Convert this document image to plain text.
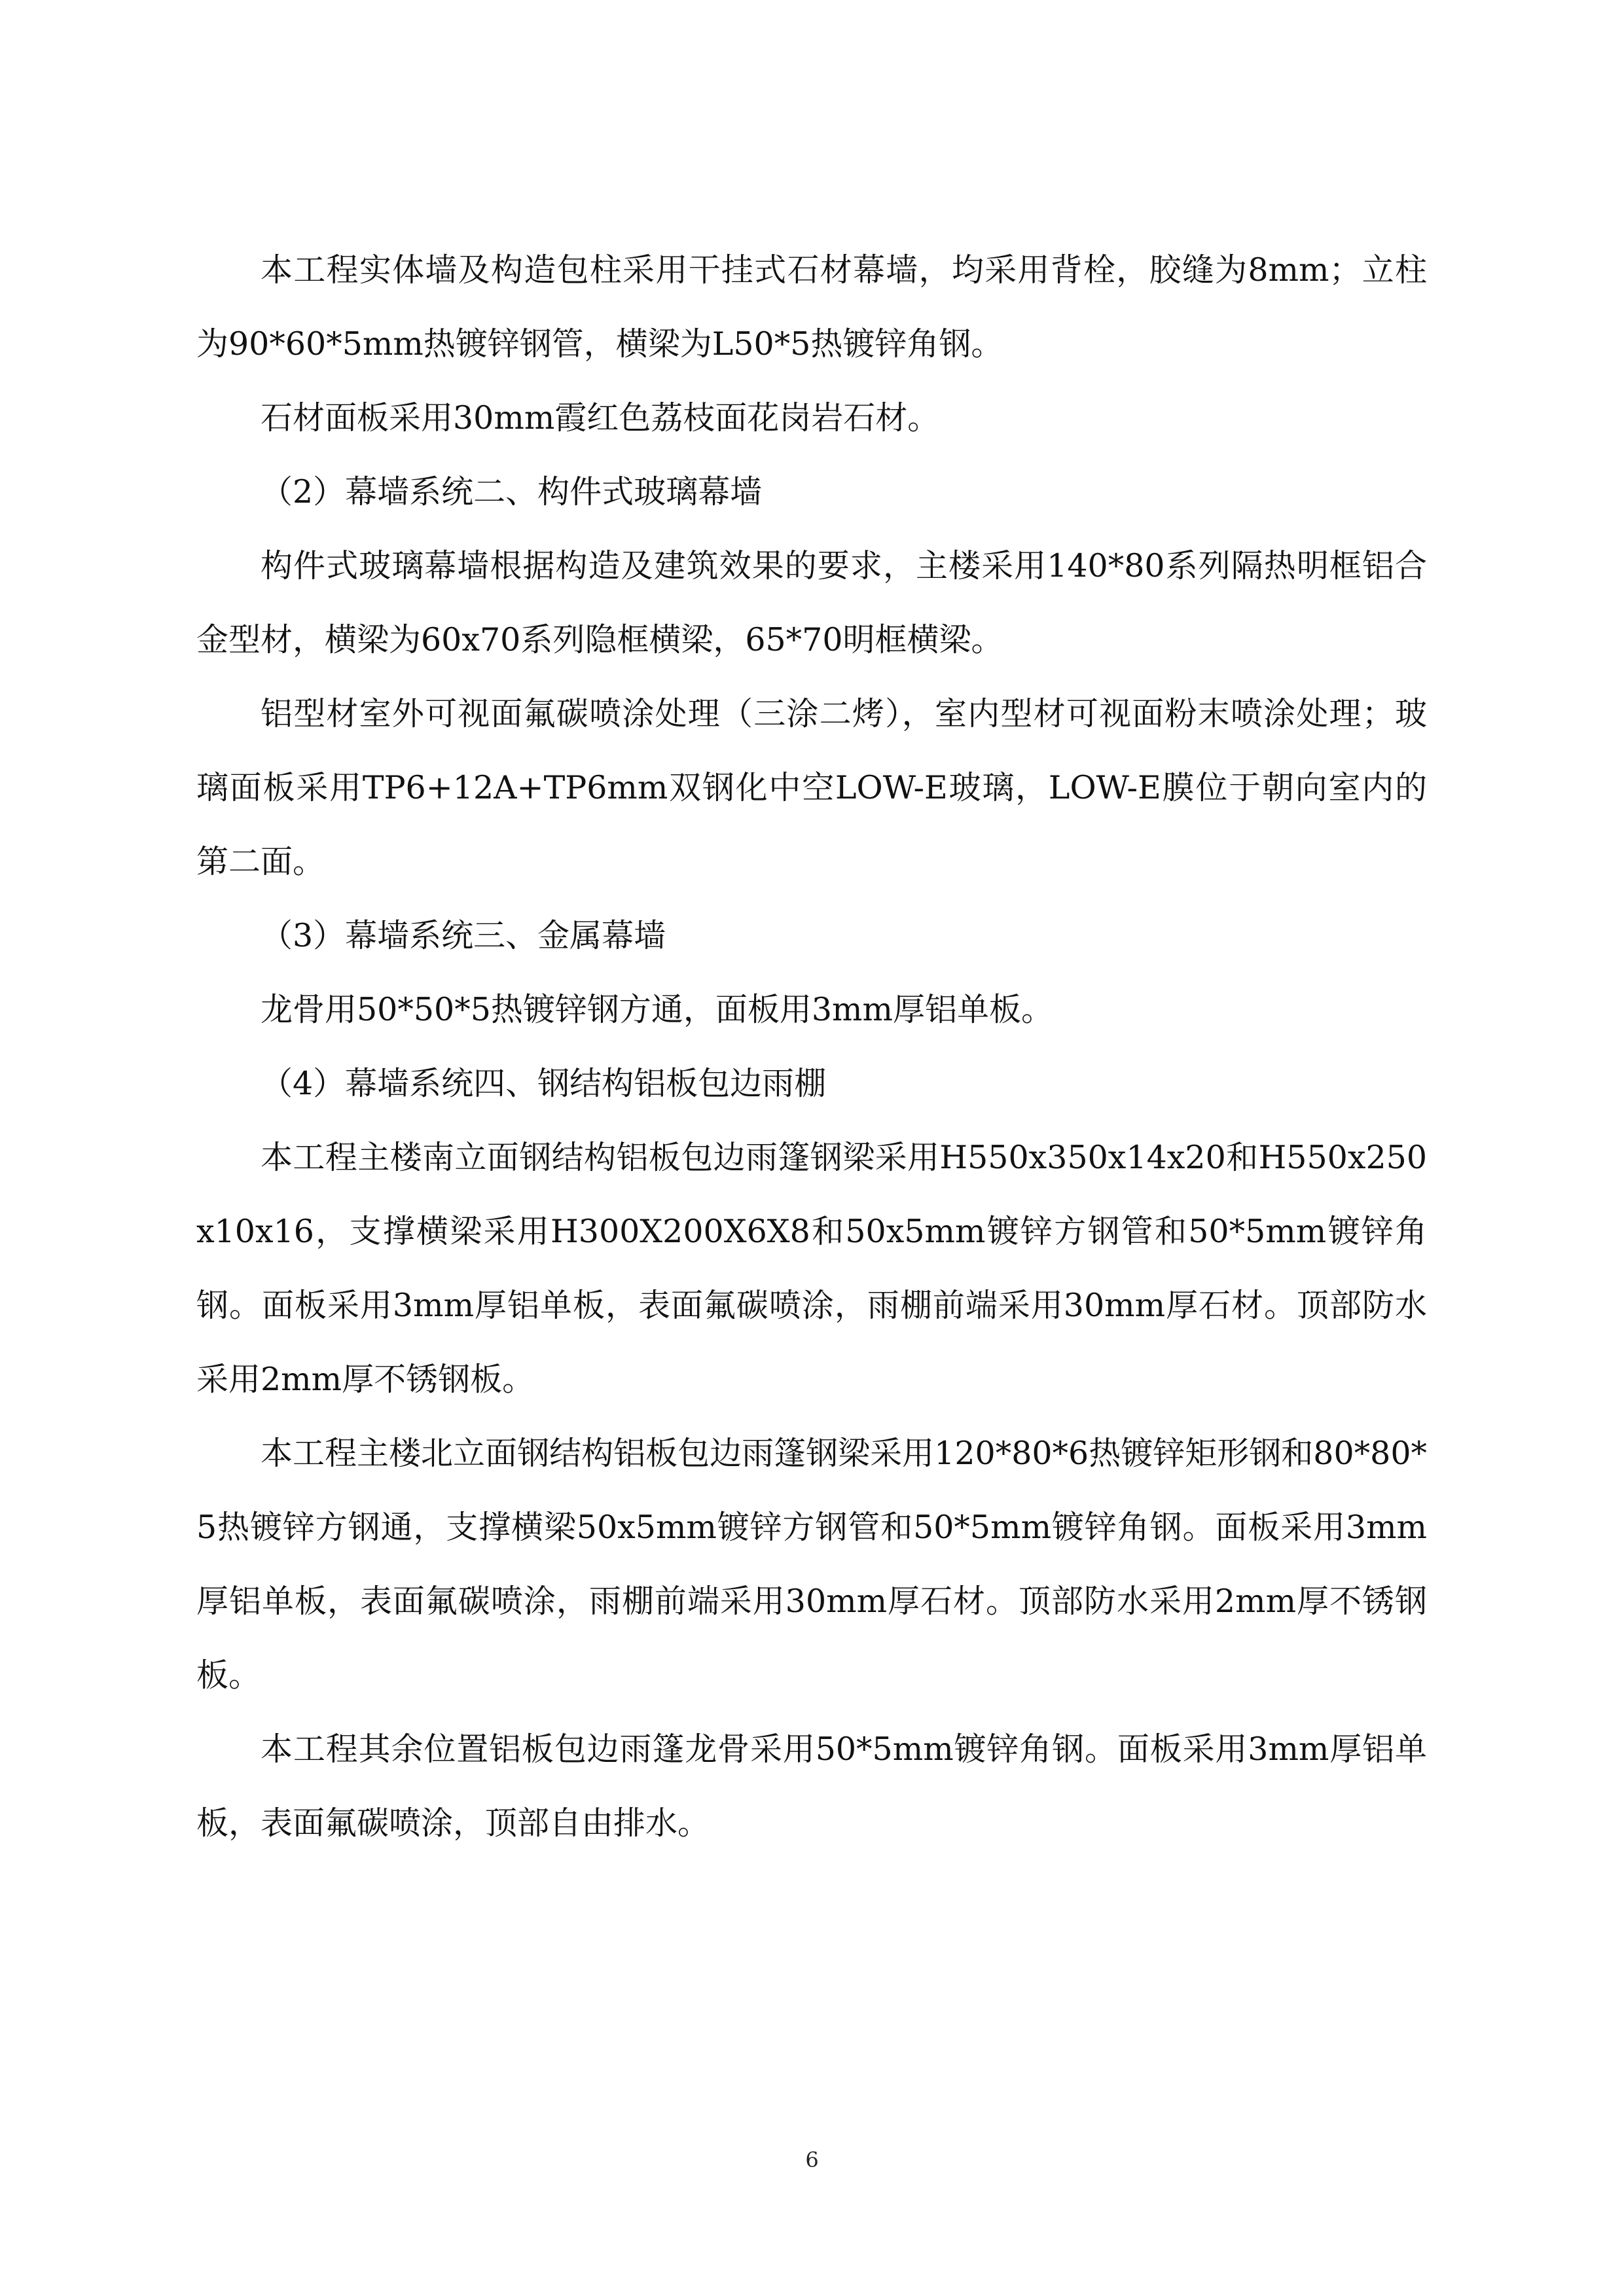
本工程实体墙及构造包柱采用干挂式石材幕墙，均采用背栓，胶缝为8mm；立柱为90*60*5mm热镀锌钢管，横梁为L50*5热镀锌角钢。

石材面板采用30mm霞红色荔枝面花岗岩石材。

（2）幕墙系统二、构件式玻璃幕墙

构件式玻璃幕墙根据构造及建筑效果的要求，主楼采用140*80系列隔热明框铝合金型材，横梁为60x70系列隐框横梁，65*70明框横梁。

铝型材室外可视面氟碳喷涂处理（三涂二烤），室内型材可视面粉末喷涂处理；玻璃面板采用TP6+12A+TP6mm双钢化中空LOW-E玻璃，LOW-E膜位于朝向室内的第二面。

（3）幕墙系统三、金属幕墙

龙骨用50*50*5热镀锌钢方通，面板用3mm厚铝单板。

（4）幕墙系统四、钢结构铝板包边雨棚

本工程主楼南立面钢结构铝板包边雨篷钢梁采用H550x350x14x20和H550x250x10x16，支撑横梁采用H300X200X6X8和50x5mm镀锌方钢管和50*5mm镀锌角钢。面板采用3mm厚铝单板，表面氟碳喷涂，雨棚前端采用30mm厚石材。顶部防水采用2mm厚不锈钢板。

本工程主楼北立面钢结构铝板包边雨篷钢梁采用120*80*6热镀锌矩形钢和80*80*5热镀锌方钢通，支撑横梁50x5mm镀锌方钢管和50*5mm镀锌角钢。面板采用3mm厚铝单板，表面氟碳喷涂，雨棚前端采用30mm厚石材。顶部防水采用2mm厚不锈钢板。

本工程其余位置铝板包边雨篷龙骨采用50*5mm镀锌角钢。面板采用3mm厚铝单板，表面氟碳喷涂，顶部自由排水。

6
